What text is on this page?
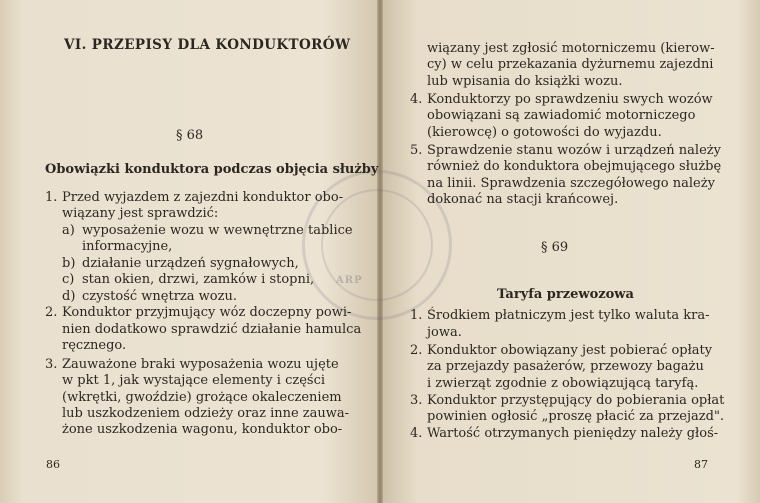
ARP
VI. PRZEPISY DLA KONDUKTORÓW
§ 68
Obowiązki konduktora podczas objęcia służby
1. Przed wyjazdem z zajezdni konduktor obo-
wiązany jest sprawdzić:
a) wyposażenie wozu w wewnętrzne tablice
informacyjne,
b) działanie urządzeń sygnałowych,
c) stan okien, drzwi, zamków i stopni,
d) czystość wnętrza wozu.
2. Konduktor przyjmujący wóz doczepny powi-
nien dodatkowo sprawdzić działanie hamulca
ręcznego.
3. Zauważone braki wyposażenia wozu ujęte
w pkt 1, jak wystające elementy i części
(wkrętki, gwoździe) grożące okaleczeniem
lub uszkodzeniem odzieży oraz inne zauwa-
żone uszkodzenia wagonu, konduktor obo-
86
wiązany jest zgłosić motorniczemu (kierow-
cy) w celu przekazania dyżurnemu zajezdni
lub wpisania do książki wozu.
4. Konduktorzy po sprawdzeniu swych wozów
obowiązani są zawiadomić motorniczego
(kierowcę) o gotowości do wyjazdu.
5. Sprawdzenie stanu wozów i urządzeń należy
również do konduktora obejmującego służbę
na linii. Sprawdzenia szczegółowego należy
dokonać na stacji krańcowej.
§ 69
Taryfa przewozowa
1. Środkiem płatniczym jest tylko waluta kra-
jowa.
2. Konduktor obowiązany jest pobierać opłaty
za przejazdy pasażerów, przewozy bagażu
i zwierząt zgodnie z obowiązującą taryfą.
3. Konduktor przystępujący do pobierania opłat
powinien ogłosić „proszę płacić za przejazd".
4. Wartość otrzymanych pieniędzy należy głoś-
87
